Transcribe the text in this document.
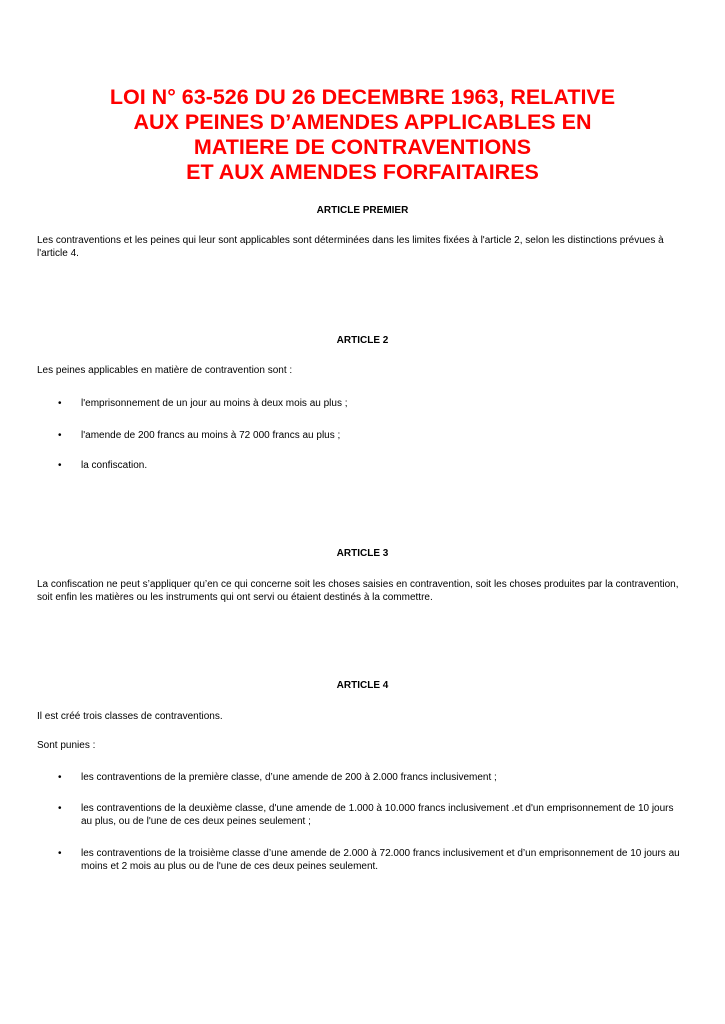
LOI N° 63-526 DU 26 DECEMBRE 1963, RELATIVE
AUX PEINES D’AMENDES APPLICABLES EN
MATIERE DE CONTRAVENTIONS
ET AUX AMENDES FORFAITAIRES
ARTICLE PREMIER

Les contraventions et les peines qui leur sont applicables sont déterminées dans les limites fixées à l'article 2, selon les distinctions prévues à l'article 4.

ARTICLE 2

Les peines applicables en matière de contravention sont :

• l'emprisonnement de un jour au moins à deux mois au plus ;
• l'amende de 200 francs au moins à 72 000 francs au plus ;
• la confiscation.
ARTICLE 3

La confiscation ne peut s’appliquer qu’en ce qui concerne soit les choses saisies en contravention, soit les choses produites par la contravention, soit enfin les matières ou les instruments qui ont servi ou étaient destinés à la commettre.

ARTICLE 4

Il est créé trois classes de contraventions.

Sont punies :

• les contraventions de la première classe, d’une amende de 200 à 2.000 francs inclusivement ;
• les contraventions de la deuxième classe, d'une amende de 1.000 à 10.000 francs inclusivement .et d'un emprisonnement de 10 jours au plus, ou de l'une de ces deux peines seulement ;
• les contraventions de la troisième classe d’une amende de 2.000 à 72.000 francs inclusivement et d’un emprisonnement de 10 jours au moins et 2 mois au plus ou de l'une de ces deux peines seulement.
